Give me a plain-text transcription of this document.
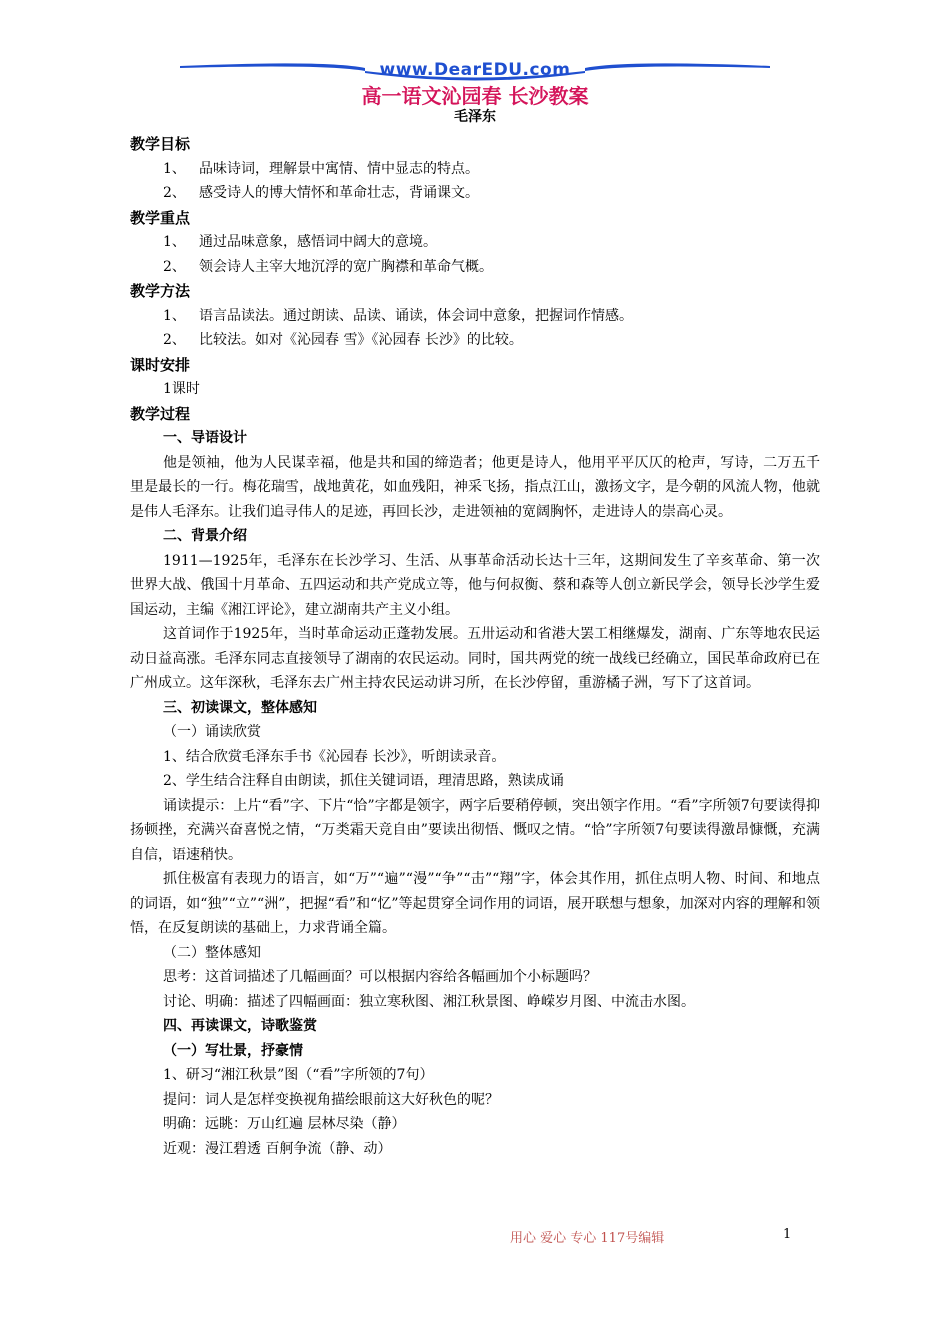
www.DearEDU.com
高一语文沁园春 长沙教案
毛泽东
教学目标
1、 品味诗词，理解景中寓情、情中显志的特点。
2、 感受诗人的博大情怀和革命壮志，背诵课文。
教学重点
1、 通过品味意象，感悟词中阔大的意境。
2、 领会诗人主宰大地沉浮的宽广胸襟和革命气概。
教学方法
1、 语言品读法。通过朗读、品读、诵读，体会词中意象，把握词作情感。
2、 比较法。如对《沁园春 雪》《沁园春 长沙》的比较。
课时安排
1课时
教学过程
一、导语设计
他是领袖，他为人民谋幸福，他是共和国的缔造者；他更是诗人，他用平平仄仄的枪声，写诗，二万五千里是最长的一行。梅花瑞雪，战地黄花，如血残阳，神采飞扬，指点江山，激扬文字，是今朝的风流人物，他就是伟人毛泽东。让我们追寻伟人的足迹，再回长沙，走进领袖的宽阔胸怀，走进诗人的崇高心灵。
二、背景介绍
1911—1925年，毛泽东在长沙学习、生活、从事革命活动长达十三年，这期间发生了辛亥革命、第一次世界大战、俄国十月革命、五四运动和共产党成立等，他与何叔衡、蔡和森等人创立新民学会，领导长沙学生爱国运动，主编《湘江评论》，建立湖南共产主义小组。
这首词作于1925年，当时革命运动正蓬勃发展。五卅运动和省港大罢工相继爆发，湖南、广东等地农民运动日益高涨。毛泽东同志直接领导了湖南的农民运动。同时，国共两党的统一战线已经确立，国民革命政府已在广州成立。这年深秋，毛泽东去广州主持农民运动讲习所，在长沙停留，重游橘子洲，写下了这首词。
三、初读课文，整体感知
（一）诵读欣赏
1、结合欣赏毛泽东手书《沁园春 长沙》，听朗读录音。
2、学生结合注释自由朗读，抓住关键词语，理清思路，熟读成诵
诵读提示：上片“看”字、下片“恰”字都是领字，两字后要稍停顿，突出领字作用。“看”字所领7句要读得抑扬顿挫，充满兴奋喜悦之情，“万类霜天竞自由”要读出彻悟、慨叹之情。“恰”字所领7句要读得激昂慷慨，充满自信，语速稍快。
抓住极富有表现力的语言，如“万”“遍”“漫”“争”“击”“翔”字，体会其作用，抓住点明人物、时间、和地点的词语，如“独”“立”“洲”，把握“看”和“忆”等起贯穿全词作用的词语，展开联想与想象，加深对内容的理解和领悟，在反复朗读的基础上，力求背诵全篇。
（二）整体感知
思考：这首词描述了几幅画面？可以根据内容给各幅画加个小标题吗？
讨论、明确：描述了四幅画面：独立寒秋图、湘江秋景图、峥嵘岁月图、中流击水图。
四、再读课文，诗歌鉴赏
（一）写壮景，抒豪情
1、研习“湘江秋景”图（“看”字所领的7句）
提问：词人是怎样变换视角描绘眼前这大好秋色的呢？
明确：远眺：万山红遍 层林尽染（静）
近观：漫江碧透 百舸争流（静、动）
用心 爱心 专心 117号编辑	1
